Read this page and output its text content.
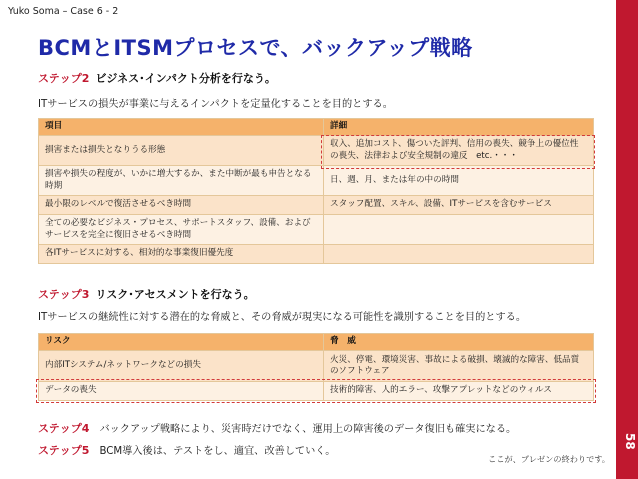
Yuko Soma – Case 6 - 2
BCMとITSMプロセスで、バックアップ戦略
58
ステップ2 ビジネス･インパクト分析を行なう。
ITサービスの損失が事業に与えるインパクトを定量化することを目的とする。
項目	詳細
損害または損失となりうる形態	収入、追加コスト、傷ついた評判、信用の喪失、競争上の優位性の喪失、法律および安全規制の違反　etc.・・・
損害や損失の程度が、いかに増大するか、また中断が最も申告となる時期	日、週、月、または年の中の時間
最小限のレベルで復活させるべき時間	スタッフ配置、スキル、設備、ITサービスを含むサービス
全ての必要なビジネス・プロセス、サポートスタッフ、設備、およびサービスを完全に復旧させるべき時間	
各ITサービスに対する、相対的な事業復旧優先度	
ステップ3 リスク･アセスメントを行なう。
ITサービスの継続性に対する潜在的な脅威と、その脅威が現実になる可能性を識別することを目的とする。
リスク	脅　威
内部ITシステム/ネットワークなどの損失	火災、停電、環境災害、事故による破損、壊滅的な障害、低品質のソフトウェア
データの喪失	技術的障害、人的エラー、攻撃アプレットなどのウィルス
ステップ4 バックアップ戦略により、災害時だけでなく、運用上の障害後のデータ復旧も確実になる。
ステップ5 BCM導入後は、テストをし、適宜、改善していく。
ここが、プレゼンの終わりです。
